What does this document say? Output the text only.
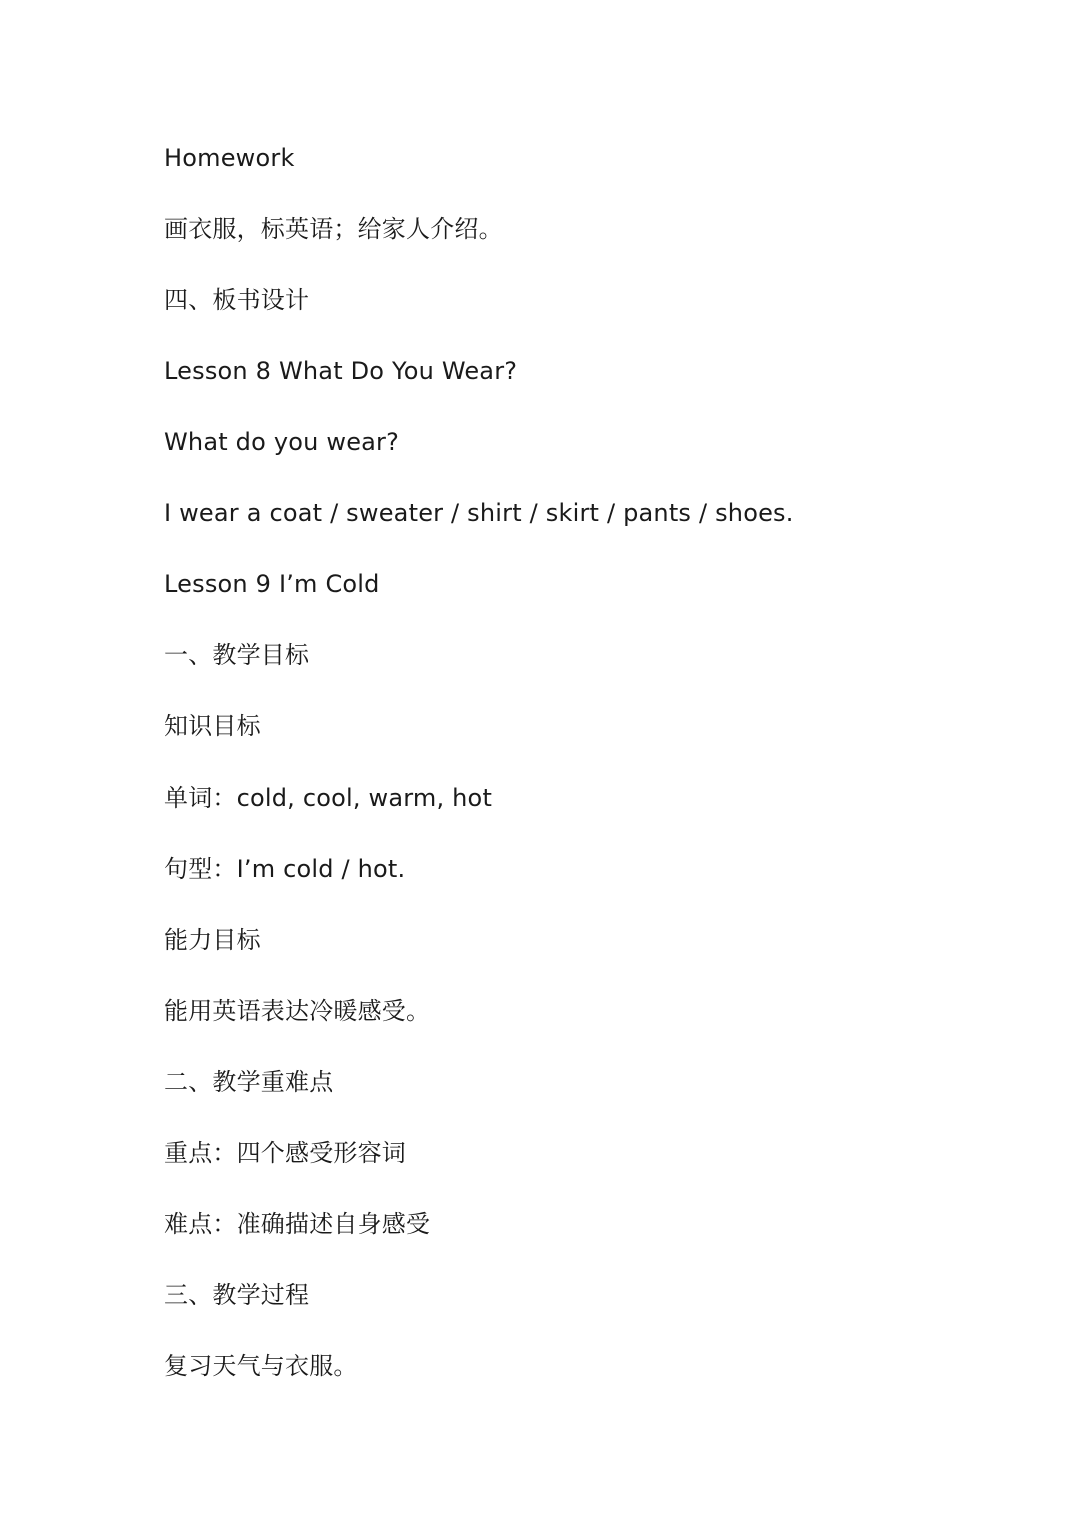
Homework
画衣服，标英语；给家人介绍。
四、板书设计
Lesson 8 What Do You Wear?
What do you wear?
I wear a coat / sweater / shirt / skirt / pants / shoes.
Lesson 9 I’m Cold
一、教学目标
知识目标
单词：cold, cool, warm, hot
句型：I’m cold / hot.
能力目标
能用英语表达冷暖感受。
二、教学重难点
重点：四个感受形容词
难点：准确描述自身感受
三、教学过程
复习天气与衣服。
